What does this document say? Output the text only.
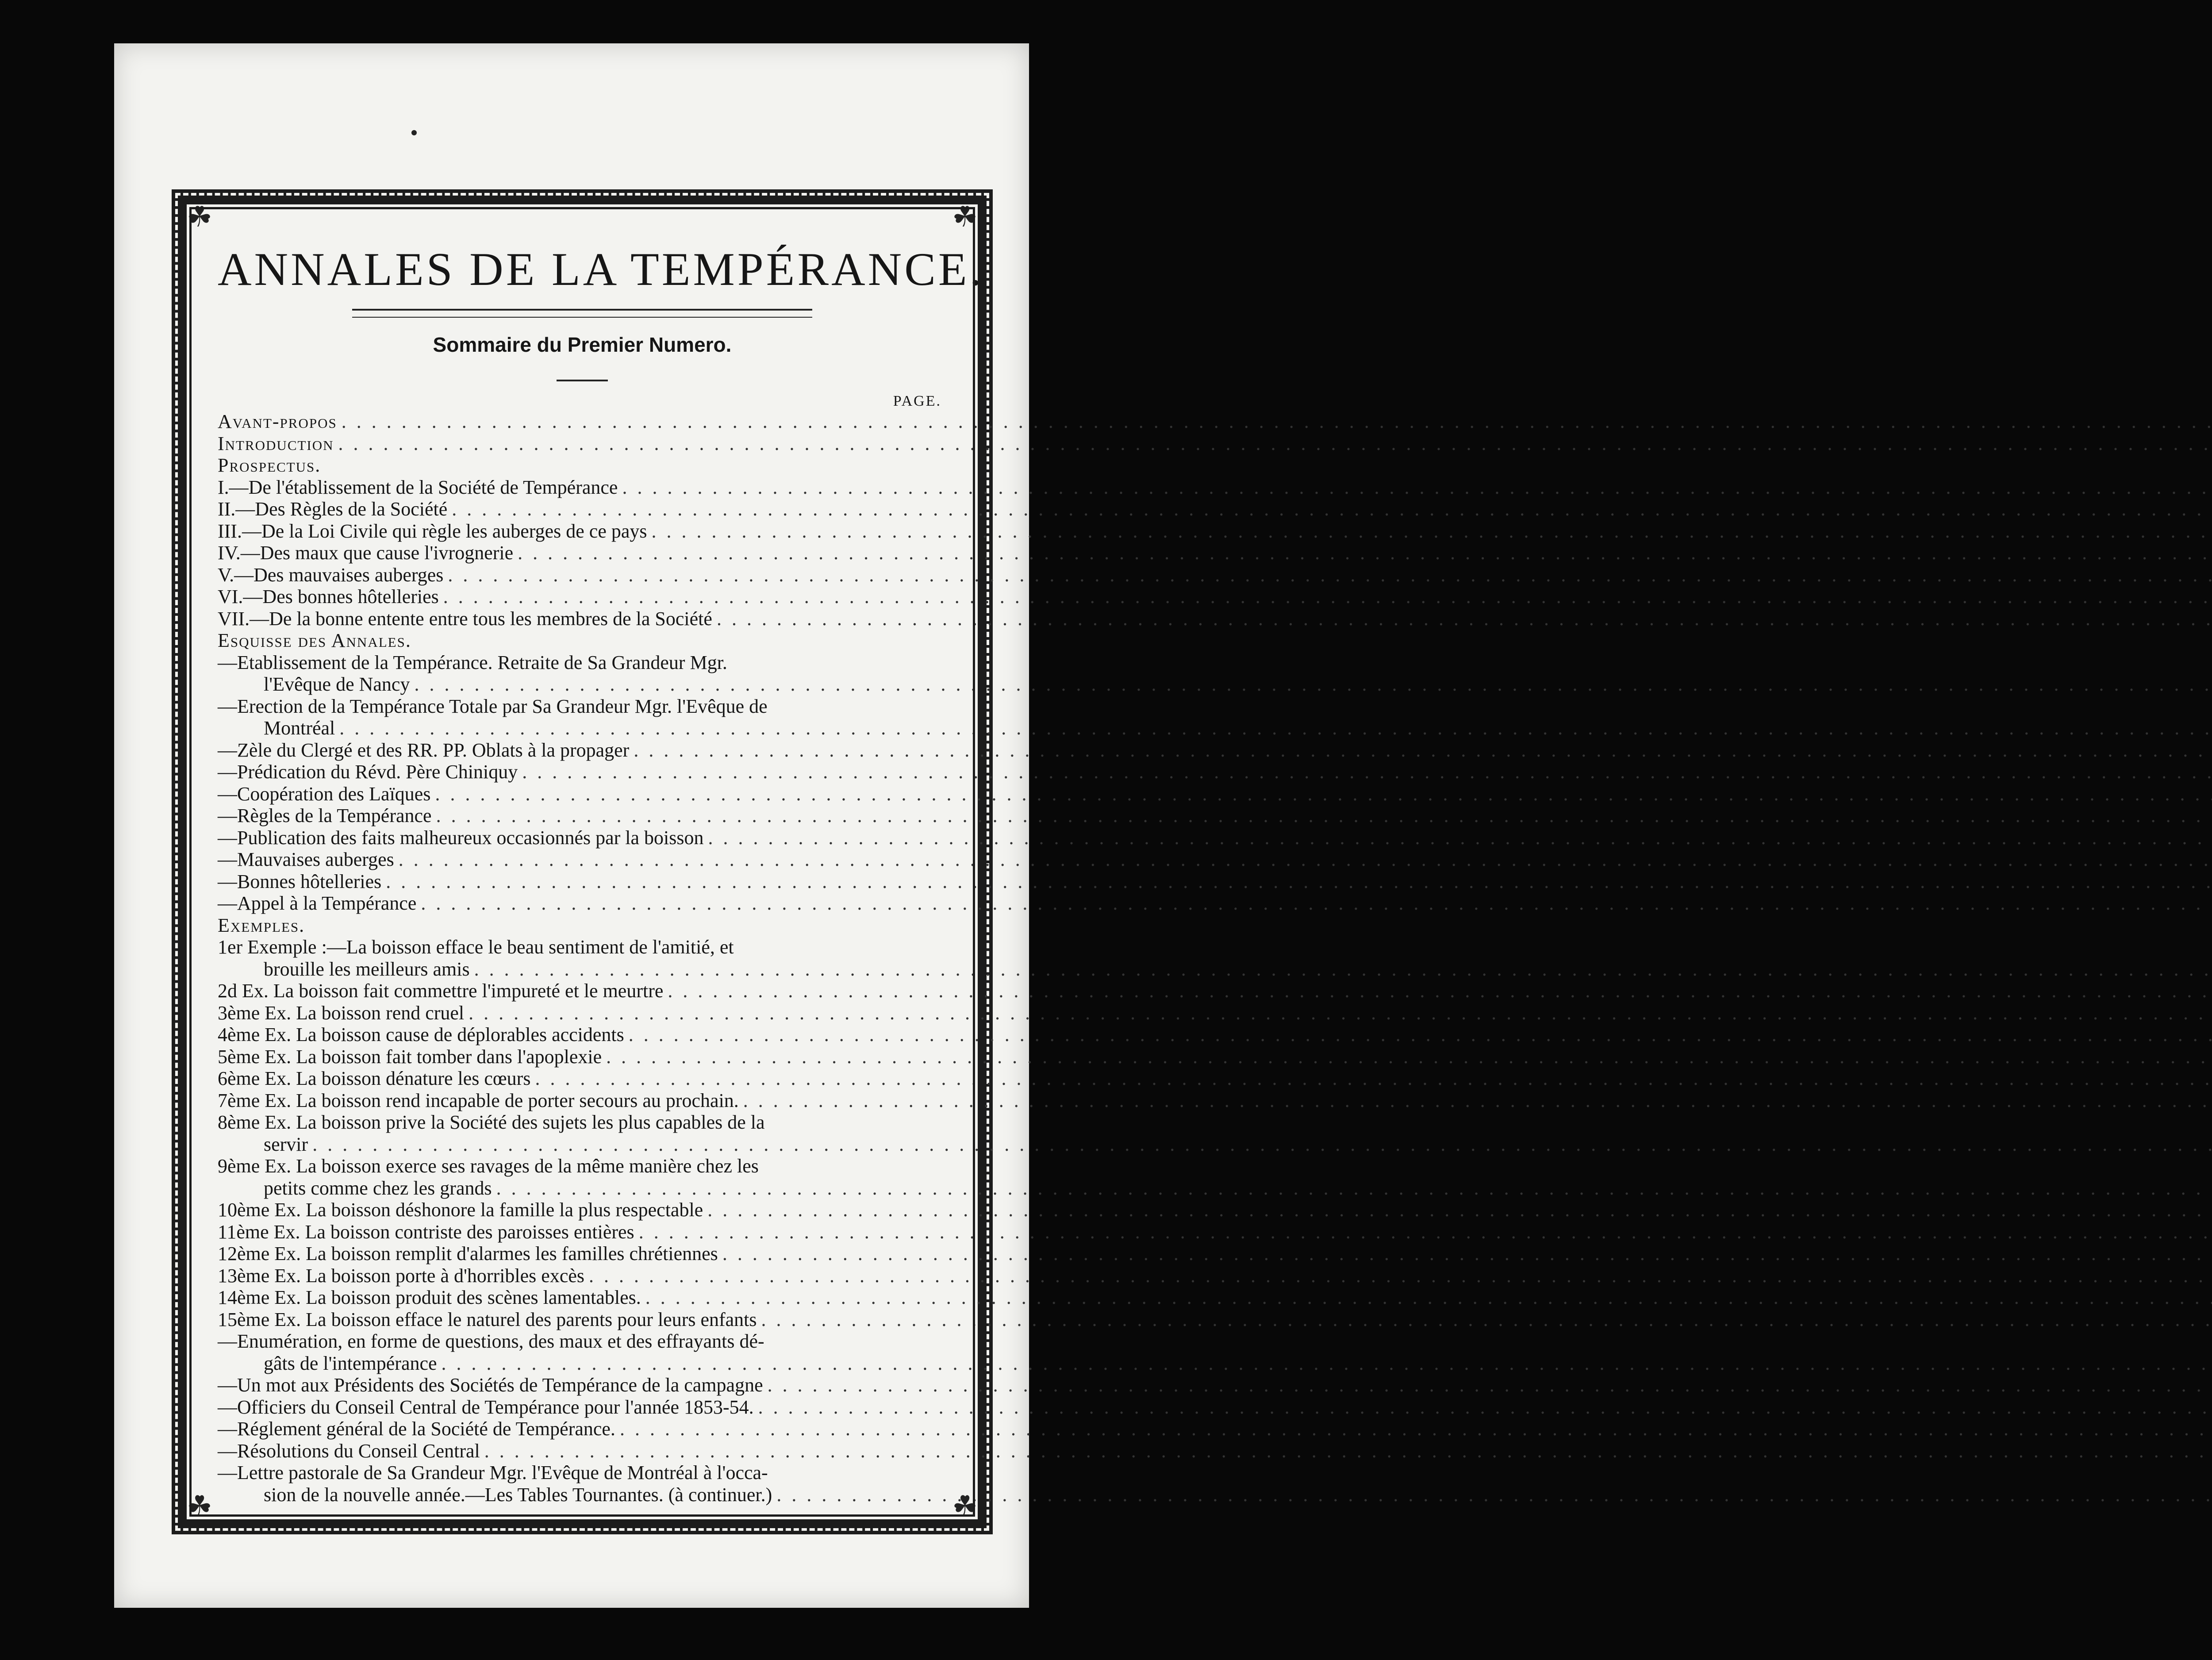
☘	☘
☘	☘
ANNALES DE LA TEMPÉRANCE.
Sommaire du Premier Numero.
PAGE.
Avant-propos
. . .
Introduction
. . .
Prospectus.
I.—De l'établissement de la Société de Tempérance
. . .
II.—Des Règles de la Société
. . .
III.—De la Loi Civile qui règle les auberges de ce pays
. . .
IV.—Des maux que cause l'ivrognerie
. . .
V.—Des mauvaises auberges
. . .
VI.—Des bonnes hôtelleries
. . .
VII.—De la bonne entente entre tous les membres de la Société
. . .
Esquisse des Annales.
—Etablissement de la Tempérance. Retraite de Sa Grandeur Mgr.
l'Evêque de Nancy
. . .
—Erection de la Tempérance Totale par Sa Grandeur Mgr. l'Evêque de
Montréal
. . .
—Zèle du Clergé et des RR. PP. Oblats à la propager
. . .
—Prédication du Révd. Père Chiniquy
. . .
—Coopération des Laïques
. . .
—Règles de la Tempérance
. . .
—Publication des faits malheureux occasionnés par la boisson
. . .
—Mauvaises auberges
. . .
—Bonnes hôtelleries
. . .
—Appel à la Tempérance
. . .
Exemples.
1er Exemple :—La boisson efface le beau sentiment de l'amitié, et
brouille les meilleurs amis
. . .
2d Ex. La boisson fait commettre l'impureté et le meurtre
. . .
3ème Ex. La boisson rend cruel
. . .
4ème Ex. La boisson cause de déplorables accidents
. . .
5ème Ex. La boisson fait tomber dans l'apoplexie
. . .
6ème Ex. La boisson dénature les cœurs
. . .
7ème Ex. La boisson rend incapable de porter secours au prochain.
. . .
8ème Ex. La boisson prive la Société des sujets les plus capables de la
servir
. . .
9ème Ex. La boisson exerce ses ravages de la même manière chez les
petits comme chez les grands
. . .
10ème Ex. La boisson déshonore la famille la plus respectable
. . .
11ème Ex. La boisson contriste des paroisses entières
. . .
12ème Ex. La boisson remplit d'alarmes les familles chrétiennes
. . .
13ème Ex. La boisson porte à d'horribles excès
. . .
14ème Ex. La boisson produit des scènes lamentables.
. . .
15ème Ex. La boisson efface le naturel des parents pour leurs enfants
. . .
—Enumération, en forme de questions, des maux et des effrayants dé-
gâts de l'intempérance
. . .
—Un mot aux Présidents des Sociétés de Tempérance de la campagne
. . .
—Officiers du Conseil Central de Tempérance pour l'année 1853-54.
. . .
—Réglement général de la Société de Tempérance.
. . .
—Résolutions du Conseil Central
. . .
—Lettre pastorale de Sa Grandeur Mgr. l'Evêque de Montréal à l'occa-
sion de la nouvelle année.—Les Tables Tournantes. (à continuer.)
. . .
